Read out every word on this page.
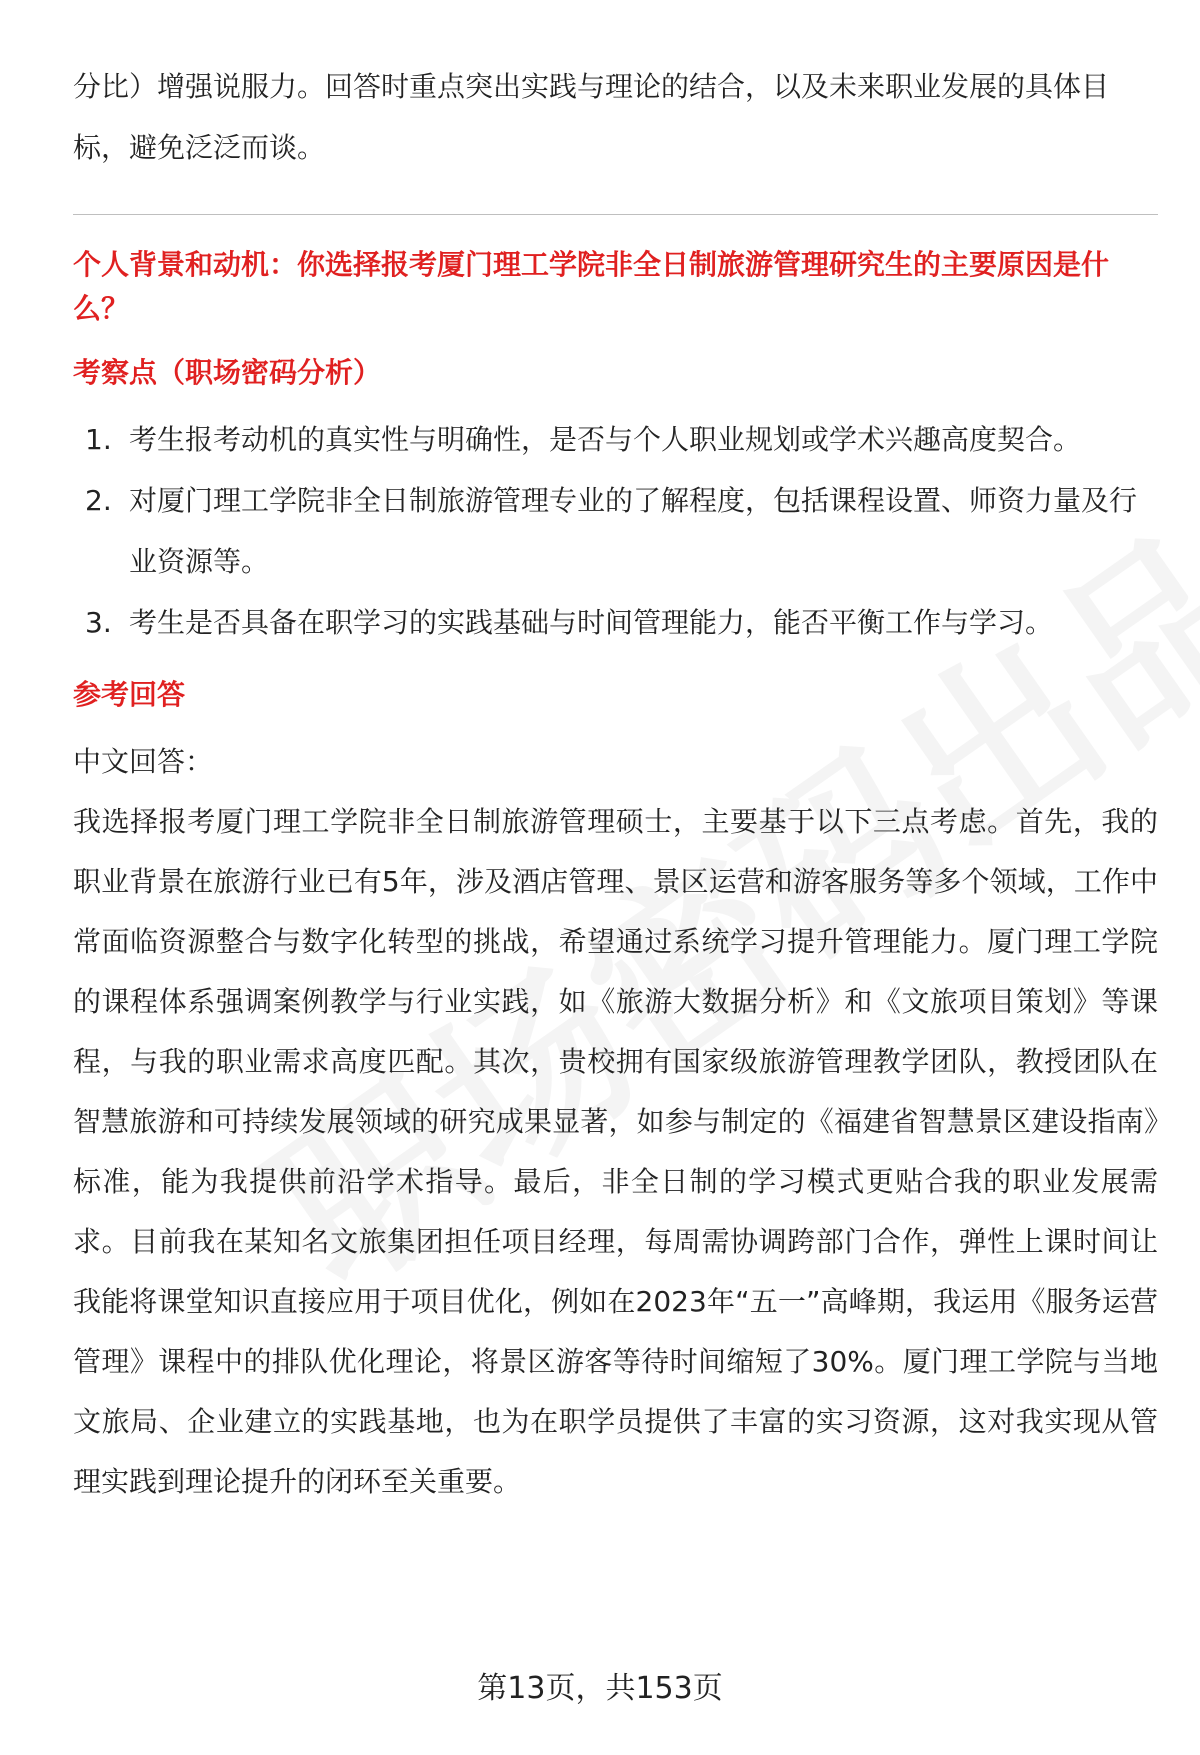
分比）增强说服力。回答时重点突出实践与理论的结合，以及未来职业发展的具体目标，避免泛泛而谈。

个人背景和动机：你选择报考厦门理工学院非全日制旅游管理研究生的主要原因是什么？
考察点（职场密码分析）
1. 考生报考动机的真实性与明确性，是否与个人职业规划或学术兴趣高度契合。
2. 对厦门理工学院非全日制旅游管理专业的了解程度，包括课程设置、师资力量及行业资源等。
3. 考生是否具备在职学习的实践基础与时间管理能力，能否平衡工作与学习。
参考回答

中文回答：

我选择报考厦门理工学院非全日制旅游管理硕士，主要基于以下三点考虑。首先，我的职业背景在旅游行业已有5年，涉及酒店管理、景区运营和游客服务等多个领域，工作中常面临资源整合与数字化转型的挑战，希望通过系统学习提升管理能力。厦门理工学院的课程体系强调案例教学与行业实践，如《旅游大数据分析》和《文旅项目策划》等课程，与我的职业需求高度匹配。其次，贵校拥有国家级旅游管理教学团队，教授团队在智慧旅游和可持续发展领域的研究成果显著，如参与制定的《福建省智慧景区建设指南》标准，能为我提供前沿学术指导。最后，非全日制的学习模式更贴合我的职业发展需求。目前我在某知名文旅集团担任项目经理，每周需协调跨部门合作，弹性上课时间让我能将课堂知识直接应用于项目优化，例如在2023年“五一”高峰期，我运用《服务运营管理》课程中的排队优化理论，将景区游客等待时间缩短了30%。厦门理工学院与当地文旅局、企业建立的实践基地，也为在职学员提供了丰富的实习资源，这对我实现从管理实践到理论提升的闭环至关重要。

第13页，共153页
